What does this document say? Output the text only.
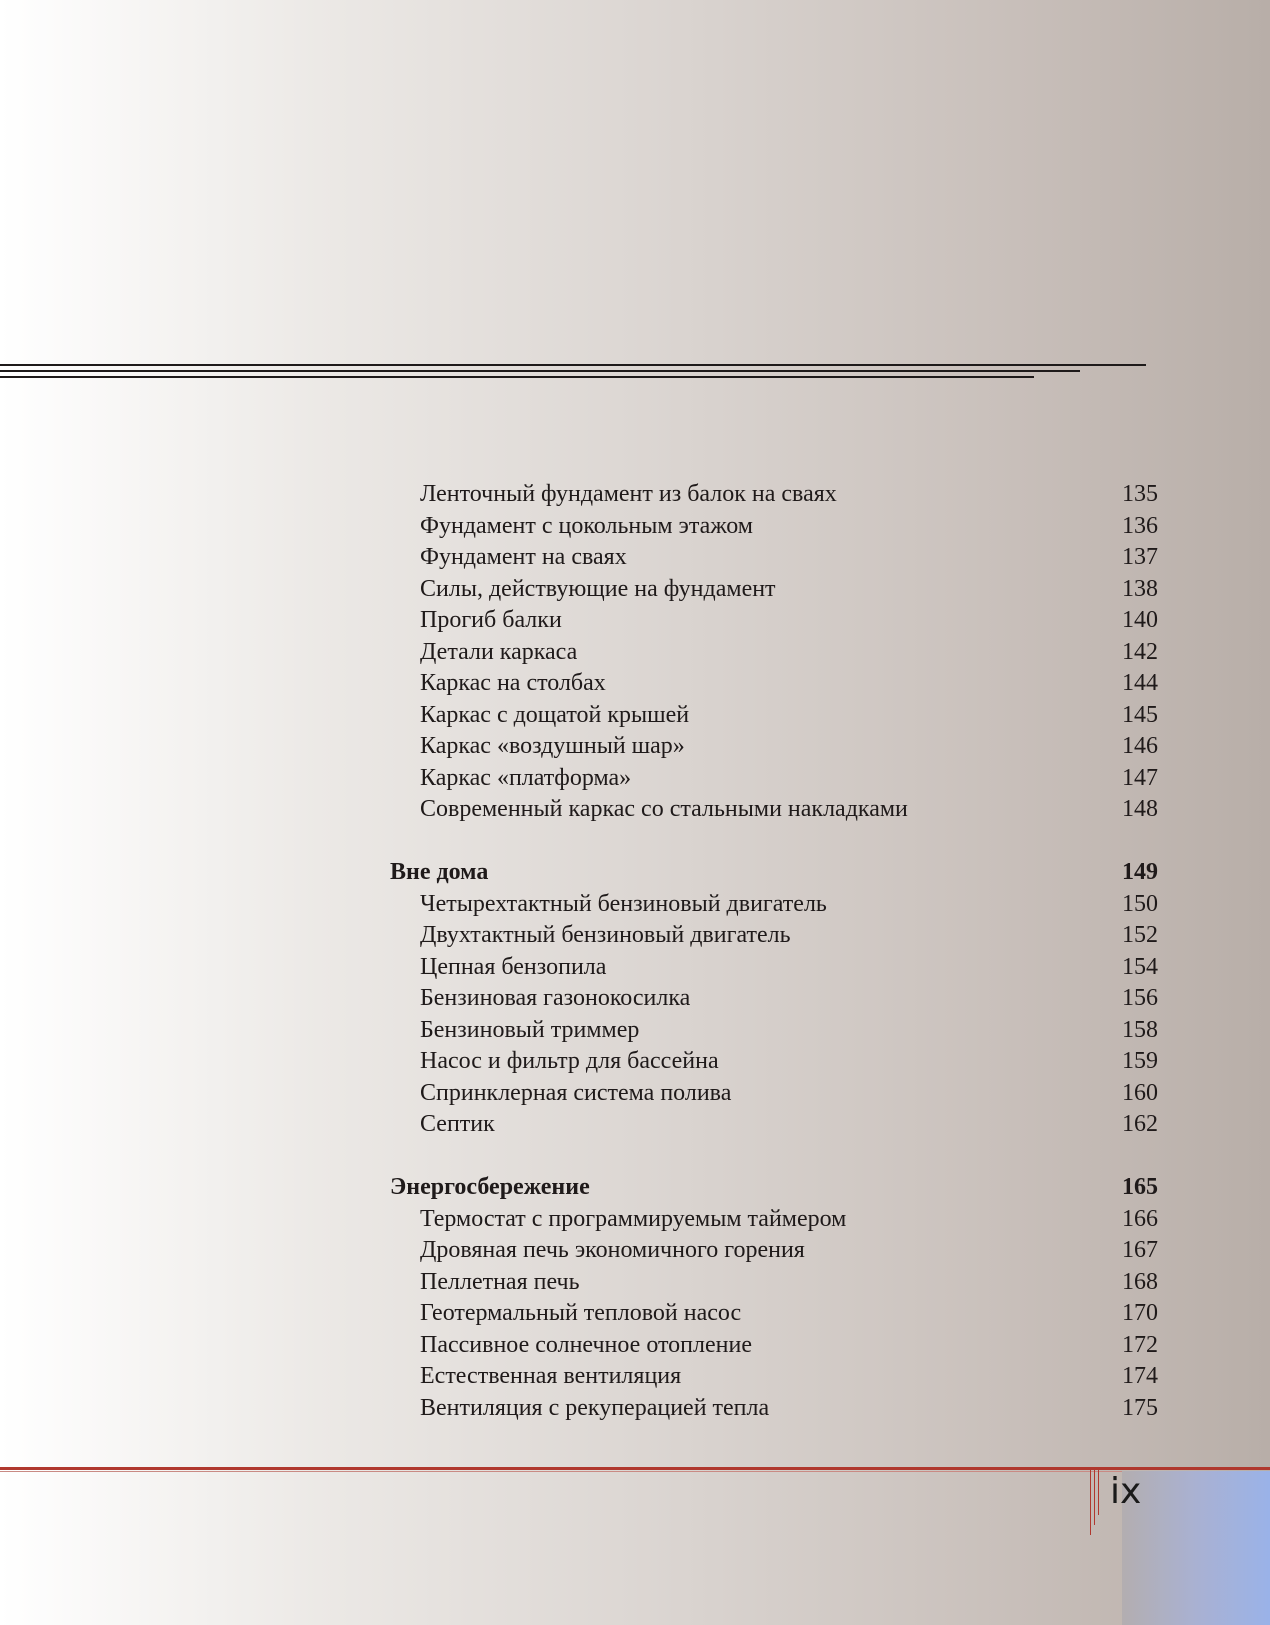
Ленточный фундамент из балок на сваях	135
Фундамент с цокольным этажом	136
Фундамент на сваях	137
Силы, действующие на фундамент	138
Прогиб балки	140
Детали каркаса	142
Каркас на столбах	144
Каркас с дощатой крышей	145
Каркас «воздушный шар»	146
Каркас «платформа»	147
Современный каркас со стальными накладками	148
Вне дома	149
Четырехтактный бензиновый двигатель	150
Двухтактный бензиновый двигатель	152
Цепная бензопила	154
Бензиновая газонокосилка	156
Бензиновый триммер	158
Насос и фильтр для бассейна	159
Спринклерная система полива	160
Септик	162
Энергосбережение	165
Термостат с программируемым таймером	166
Дровяная печь экономичного горения	167
Пеллетная печь	168
Геотермальный тепловой насос	170
Пассивное солнечное отопление	172
Естественная вентиляция	174
Вентиляция с рекуперацией тепла	175
ix
